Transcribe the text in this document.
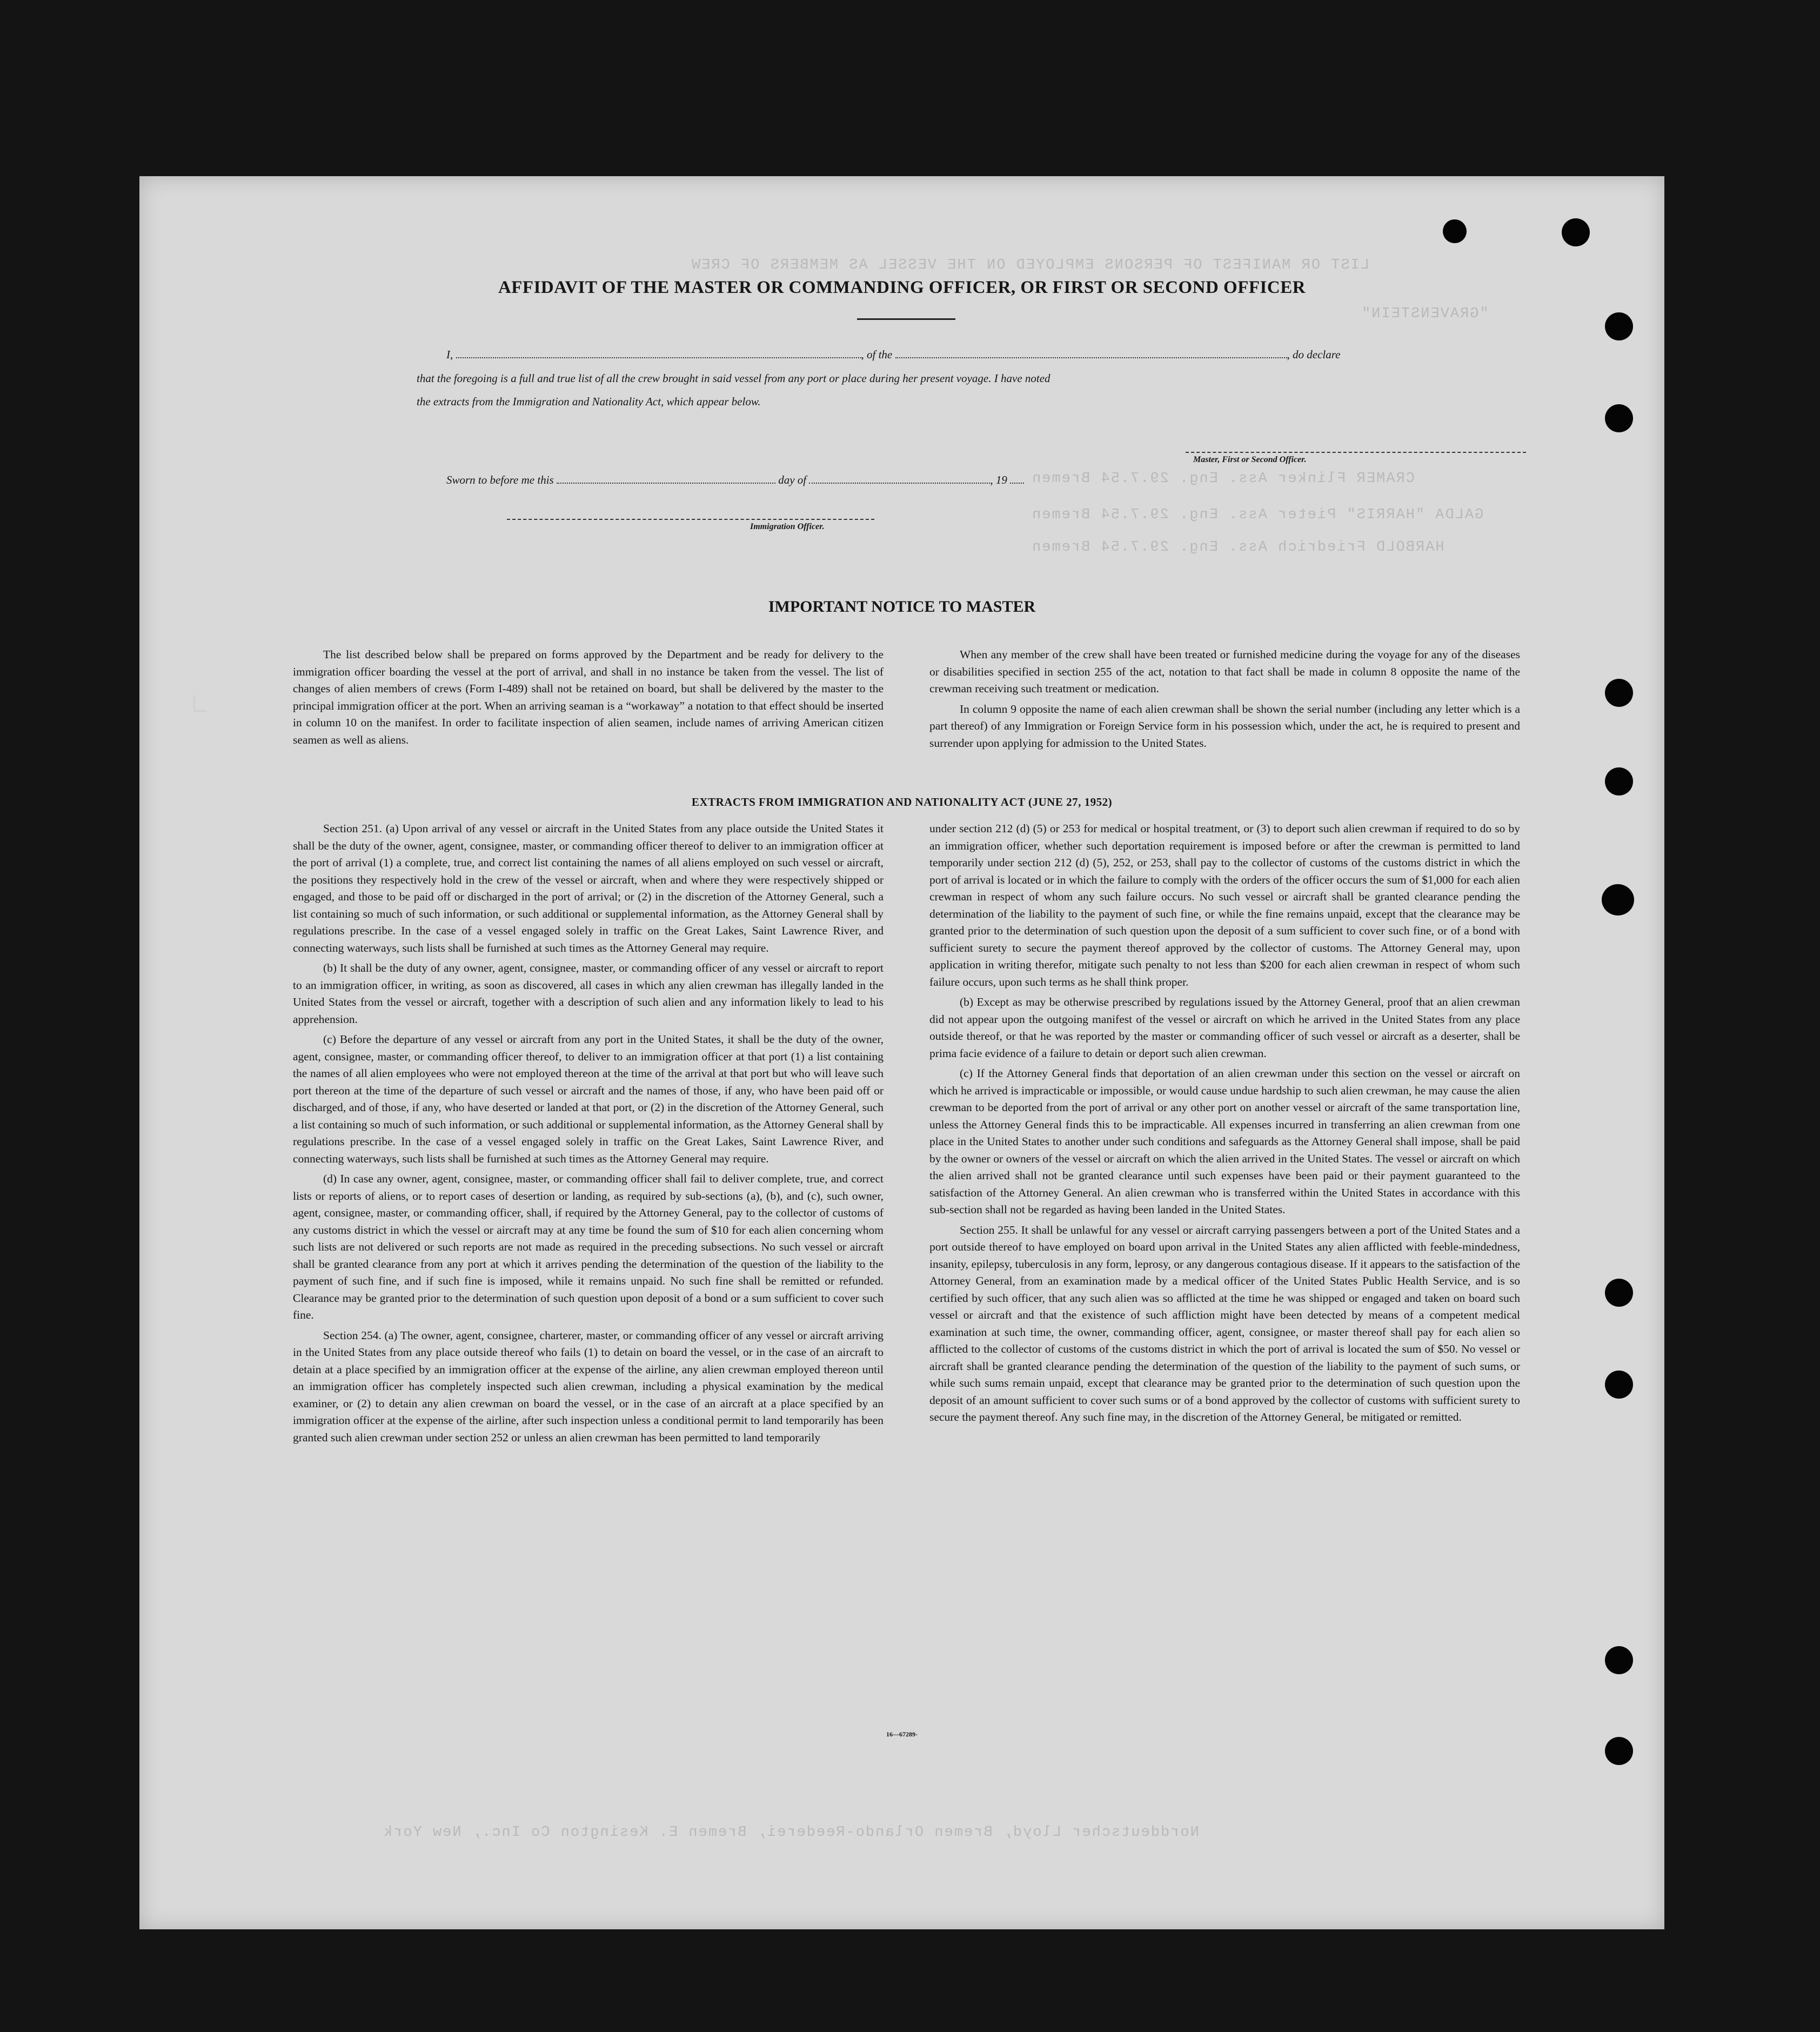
LIST OR MANIFEST OF PERSONS EMPLOYED ON THE VESSEL AS MEMBERS OF CREW
"GRAVENSTEIN"
CRAMER Flinker Ass. Eng. 29.7.54 Bremen
GALDA "HARRIS" Pieter Ass. Eng. 29.7.54 Bremen
HARBOLD Friedrich Ass. Eng. 29.7.54 Bremen
Norddeutscher Lloyd, Bremen Orlando-Reederei, Bremen E. Kesington Co Inc., New York
AFFIDAVIT OF THE MASTER OR COMMANDING OFFICER, OR FIRST OR SECOND OFFICER
I,	, of the	, do declare
that the foregoing is a full and true list of all the crew brought in said vessel from any port or place during her present voyage. I have noted
the extracts from the Immigration and Nationality Act, which appear below.
Master, First or Second Officer.
Sworn to before me this	day of	, 19
Immigration Officer.
IMPORTANT NOTICE TO MASTER

The list described below shall be prepared on forms approved by the Department and be ready for delivery to the immigration officer boarding the vessel at the port of arrival, and shall in no instance be taken from the vessel. The list of changes of alien members of crews (Form I-489) shall not be retained on board, but shall be delivered by the master to the principal immigration officer at the port. When an arriving seaman is a “workaway” a notation to that effect should be inserted in column 10 on the manifest. In order to facilitate inspection of alien seamen, include names of arriving American citizen seamen as well as aliens.

EXTRACTS FROM IMMIGRATION AND NATIONALITY ACT (JUNE 27, 1952)

Section 251. (a) Upon arrival of any vessel or aircraft in the United States from any place outside the United States it shall be the duty of the owner, agent, consignee, master, or commanding officer thereof to deliver to an immigration officer at the port of arrival (1) a complete, true, and correct list containing the names of all aliens employed on such vessel or aircraft, the positions they respectively hold in the crew of the vessel or aircraft, when and where they were respectively shipped or engaged, and those to be paid off or discharged in the port of arrival; or (2) in the discretion of the Attorney General, such a list containing so much of such information, or such additional or supplemental information, as the Attorney General shall by regulations prescribe. In the case of a vessel engaged solely in traffic on the Great Lakes, Saint Lawrence River, and connecting waterways, such lists shall be furnished at such times as the Attorney General may require.

(b) It shall be the duty of any owner, agent, consignee, master, or commanding officer of any vessel or aircraft to report to an immigration officer, in writing, as soon as discovered, all cases in which any alien crewman has illegally landed in the United States from the vessel or aircraft, together with a description of such alien and any information likely to lead to his apprehension.

(c) Before the departure of any vessel or aircraft from any port in the United States, it shall be the duty of the owner, agent, consignee, master, or commanding officer thereof, to deliver to an immigration officer at that port (1) a list containing the names of all alien employees who were not employed thereon at the time of the arrival at that port but who will leave such port thereon at the time of the departure of such vessel or aircraft and the names of those, if any, who have been paid off or discharged, and of those, if any, who have deserted or landed at that port, or (2) in the discretion of the Attorney General, such a list containing so much of such information, or such additional or supplemental information, as the Attorney General shall by regulations prescribe. In the case of a vessel engaged solely in traffic on the Great Lakes, Saint Lawrence River, and connecting waterways, such lists shall be furnished at such times as the Attorney General may require.

(d) In case any owner, agent, consignee, master, or commanding officer shall fail to deliver complete, true, and correct lists or reports of aliens, or to report cases of desertion or landing, as required by sub-sections (a), (b), and (c), such owner, agent, consignee, master, or commanding officer, shall, if required by the Attorney General, pay to the collector of customs of any customs district in which the vessel or aircraft may at any time be found the sum of $10 for each alien concerning whom such lists are not delivered or such reports are not made as required in the preceding subsections. No such vessel or aircraft shall be granted clearance from any port at which it arrives pending the determination of the question of the liability to the payment of such fine, and if such fine is imposed, while it remains unpaid. No such fine shall be remitted or refunded. Clearance may be granted prior to the determination of such question upon deposit of a bond or a sum sufficient to cover such fine.

Section 254. (a) The owner, agent, consignee, charterer, master, or commanding officer of any vessel or aircraft arriving in the United States from any place outside thereof who fails (1) to detain on board the vessel, or in the case of an aircraft to detain at a place specified by an immigration officer at the expense of the airline, any alien crewman employed thereon until an immigration officer has completely inspected such alien crewman, including a physical examination by the medical examiner, or (2) to detain any alien crewman on board the vessel, or in the case of an aircraft at a place specified by an immigration officer at the expense of the airline, after such inspection unless a conditional permit to land temporarily has been granted such alien crewman under section 252 or unless an alien crewman has been permitted to land temporarily

16—67289-

When any member of the crew shall have been treated or furnished medicine during the voyage for any of the diseases or disabilities specified in section 255 of the act, notation to that fact shall be made in column 8 opposite the name of the crewman receiving such treatment or medication.

In column 9 opposite the name of each alien crewman shall be shown the serial number (including any letter which is a part thereof) of any Immigration or Foreign Service form in his possession which, under the act, he is required to present and surrender upon applying for admission to the United States.

under section 212 (d) (5) or 253 for medical or hospital treatment, or (3) to deport such alien crewman if required to do so by an immigration officer, whether such deportation requirement is imposed before or after the crewman is permitted to land temporarily under section 212 (d) (5), 252, or 253, shall pay to the collector of customs of the customs district in which the port of arrival is located or in which the failure to comply with the orders of the officer occurs the sum of $1,000 for each alien crewman in respect of whom any such failure occurs. No such vessel or aircraft shall be granted clearance pending the determination of the liability to the payment of such fine, or while the fine remains unpaid, except that the clearance may be granted prior to the determination of such question upon the deposit of a sum sufficient to cover such fine, or of a bond with sufficient surety to secure the payment thereof approved by the collector of customs. The Attorney General may, upon application in writing therefor, mitigate such penalty to not less than $200 for each alien crewman in respect of whom such failure occurs, upon such terms as he shall think proper.

(b) Except as may be otherwise prescribed by regulations issued by the Attorney General, proof that an alien crewman did not appear upon the outgoing manifest of the vessel or aircraft on which he arrived in the United States from any place outside thereof, or that he was reported by the master or commanding officer of such vessel or aircraft as a deserter, shall be prima facie evidence of a failure to detain or deport such alien crewman.

(c) If the Attorney General finds that deportation of an alien crewman under this section on the vessel or aircraft on which he arrived is impracticable or impossible, or would cause undue hardship to such alien crewman, he may cause the alien crewman to be deported from the port of arrival or any other port on another vessel or aircraft of the same transportation line, unless the Attorney General finds this to be impracticable. All expenses incurred in transferring an alien crewman from one place in the United States to another under such conditions and safeguards as the Attorney General shall impose, shall be paid by the owner or owners of the vessel or aircraft on which the alien arrived in the United States. The vessel or aircraft on which the alien arrived shall not be granted clearance until such expenses have been paid or their payment guaranteed to the satisfaction of the Attorney General. An alien crewman who is transferred within the United States in accordance with this sub-section shall not be regarded as having been landed in the United States.

Section 255. It shall be unlawful for any vessel or aircraft carrying passengers between a port of the United States and a port outside thereof to have employed on board upon arrival in the United States any alien afflicted with feeble-mindedness, insanity, epilepsy, tuberculosis in any form, leprosy, or any dangerous contagious disease. If it appears to the satisfaction of the Attorney General, from an examination made by a medical officer of the United States Public Health Service, and is so certified by such officer, that any such alien was so afflicted at the time he was shipped or engaged and taken on board such vessel or aircraft and that the existence of such affliction might have been detected by means of a competent medical examination at such time, the owner, commanding officer, agent, consignee, or master thereof shall pay for each alien so afflicted to the collector of customs of the customs district in which the port of arrival is located the sum of $50. No vessel or aircraft shall be granted clearance pending the determination of the question of the liability to the payment of such sums, or while such sums remain unpaid, except that clearance may be granted prior to the determination of such question upon the deposit of an amount sufficient to cover such sums or of a bond approved by the collector of customs with sufficient surety to secure the payment thereof. Any such fine may, in the discretion of the Attorney General, be mitigated or remitted.
